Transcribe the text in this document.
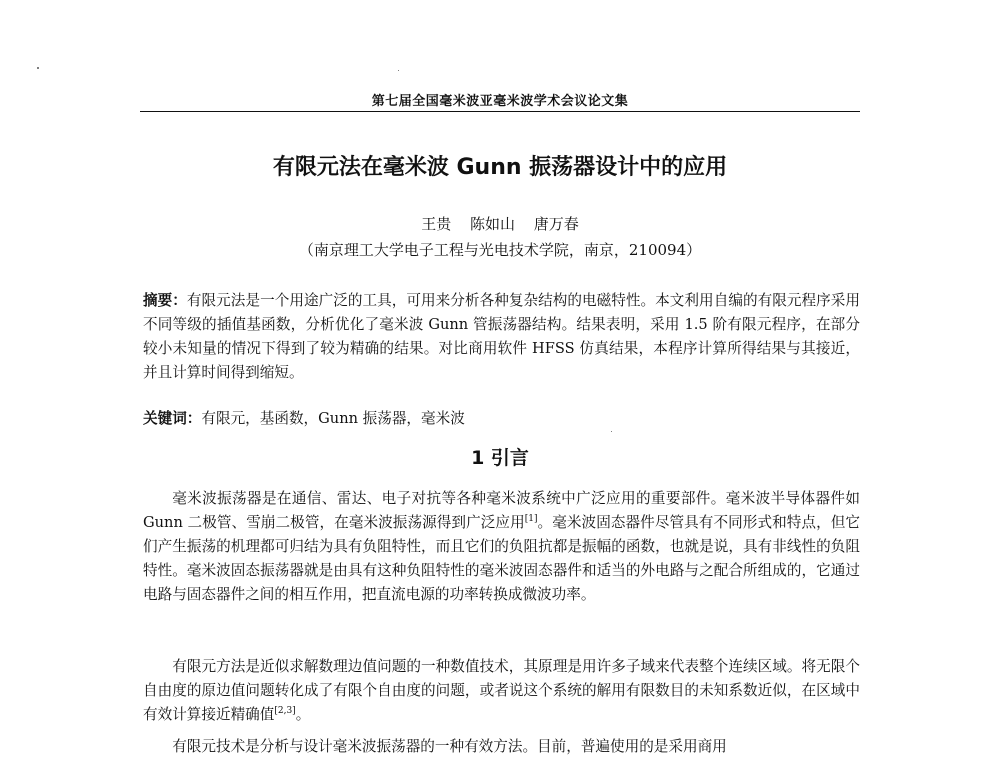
第七届全国毫米波亚毫米波学术会议论文集
有限元法在毫米波 Gunn 振荡器设计中的应用
王贵 陈如山 唐万春
（南京理工大学电子工程与光电技术学院，南京，210094）
摘要：有限元法是一个用途广泛的工具，可用来分析各种复杂结构的电磁特性。本文利用自编的有限元程序采用不同等级的插值基函数，分析优化了毫米波 Gunn 管振荡器结构。结果表明，采用 1.5 阶有限元程序，在部分较小未知量的情况下得到了较为精确的结果。对比商用软件 HFSS 仿真结果，本程序计算所得结果与其接近，并且计算时间得到缩短。
关键词：有限元，基函数，Gunn 振荡器，毫米波
1 引言
毫米波振荡器是在通信、雷达、电子对抗等各种毫米波系统中广泛应用的重要部件。毫米波半导体器件如 Gunn 二极管、雪崩二极管，在毫米波振荡源得到广泛应用[1]。毫米波固态器件尽管具有不同形式和特点，但它们产生振荡的机理都可归结为具有负阻特性，而且它们的负阻抗都是振幅的函数，也就是说，具有非线性的负阻特性。毫米波固态振荡器就是由具有这种负阻特性的毫米波固态器件和适当的外电路与之配合所组成的，它通过电路与固态器件之间的相互作用，把直流电源的功率转换成微波功率。
有限元方法是近似求解数理边值问题的一种数值技术，其原理是用许多子域来代表整个连续区域。将无限个自由度的原边值问题转化成了有限个自由度的问题，或者说这个系统的解用有限数目的未知系数近似，在区域中有效计算接近精确值[2,3]。
有限元技术是分析与设计毫米波振荡器的一种有效方法。目前，普遍使用的是采用商用
